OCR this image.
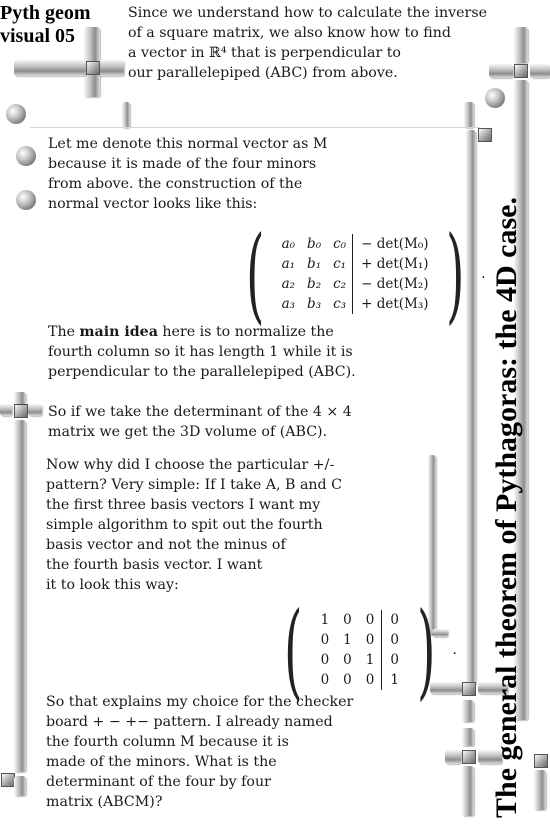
Pyth geom
visual 05
Since we understand how to calculate the inverse
of a square matrix, we also know how to find
a vector in ℝ⁴ that is perpendicular to
our parallelepiped (ABC) from above.
Let me denote this normal vector as M
because it is made of the four minors
from above. the construction of the
normal vector looks like this:
( a₀	b₀	c₀	− det(M₀)
a₁	b₁	c₁	+ det(M₁)
a₂	b₂	c₂	− det(M₂)
a₃	b₃	c₃	+ det(M₃) ) .
The main idea here is to normalize the
fourth column so it has length 1 while it is
perpendicular to the parallelepiped (ABC).
So if we take the determinant of the 4 × 4
matrix we get the 3D volume of (ABC).
Now why did I choose the particular +/-
pattern? Very simple: If I take A, B and C
the first three basis vectors I want my
simple algorithm to spit out the fourth
basis vector and not the minus of
the fourth basis vector. I want
it to look this way:
( 1	0	0	0
0	1	0	0
0	0	1	0
0	0	0	1 ) .
So that explains my choice for the checker
board + − +− pattern. I already named
the fourth column M because it is
made of the minors. What is the
determinant of the four by four
matrix (ABCM)?	The general theorem of Pythagoras: the 4D case.
